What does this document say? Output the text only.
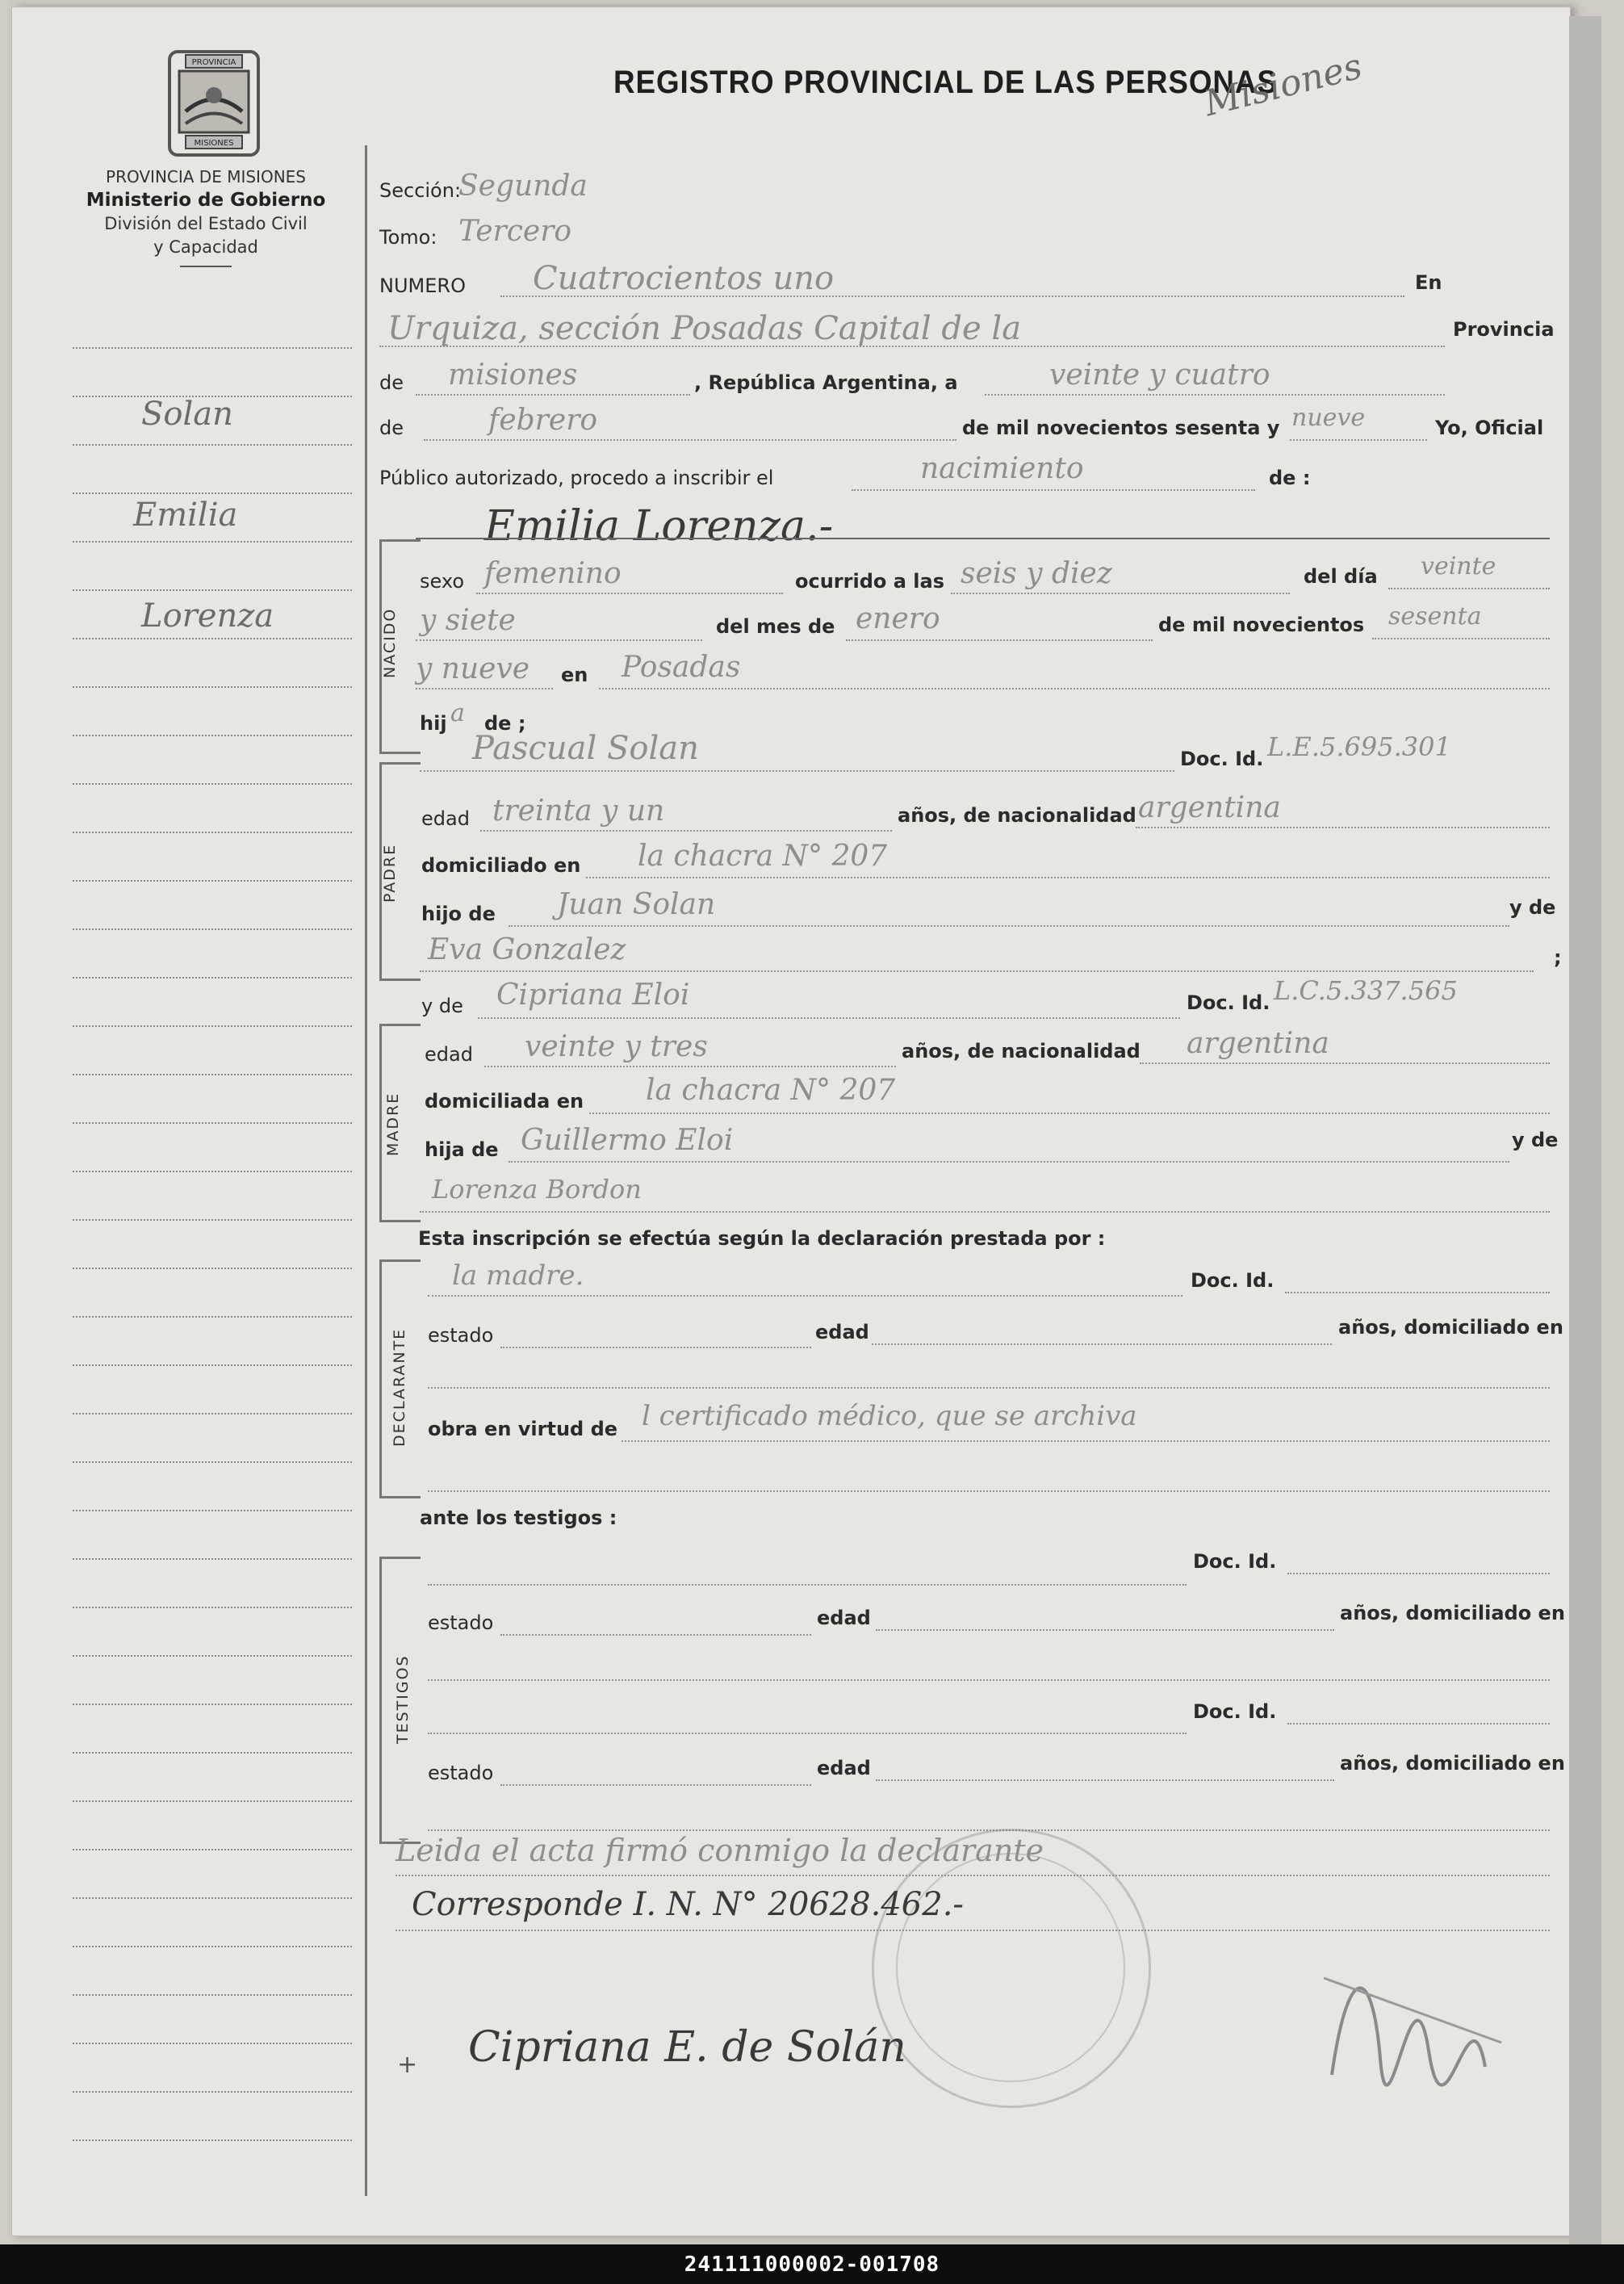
PROVINCIA
MISIONES
REGISTRO PROVINCIAL DE LAS PERSONAS
PROVINCIA DE MISIONES
Ministerio de Gobierno
División del Estado Civil
y Capacidad
Solan
Emilia
Lorenza
Misiones
Sección:
Segunda
Tomo: Tercero
NUMERO Cuatrocientos uno	En
Urquiza, sección Posadas Capital de la	Provincia
de misiones	, República Argentina, a	veinte y cuatro
de	febrero	de mil novecientos sesenta y nueve	Yo, Oficial
Público autorizado, procedo a inscribir el	nacimiento	de :
Emilia Lorenza.-
NACIDO
sexo femenino	ocurrido a las seis y diez	del día veinte
y siete	del mes de enero	de mil novecientos sesenta
y nueve en Posadas
hij a de ;
PADRE
Pascual Solan	Doc. Id. L.E.5.695.301
edad treinta y un	años, de nacionalidad argentina
domiciliado en la chacra N° 207
hijo de Juan Solan	y de
Eva Gonzalez	;
y de Cipriana Eloi	Doc. Id. L.C.5.337.565
MADRE
edad veinte y tres	años, de nacionalidad argentina
domiciliada en la chacra N° 207
hija de Guillermo Eloi	y de
Lorenza Bordon
Esta inscripción se efectúa según la declaración prestada por :
DECLARANTE
la madre.	Doc. Id.
estado	edad	años, domiciliado en
obra en virtud de l certificado médico, que se archiva
ante los testigos :
TESTIGOS
Doc. Id.
estado	edad	años, domiciliado en
Doc. Id.
estado	edad	años, domiciliado en
Leida el acta firmó conmigo la declarante
Corresponde I. N. N° 20628.462.-
+ Cipriana E. de Solán
241111000002-001708
